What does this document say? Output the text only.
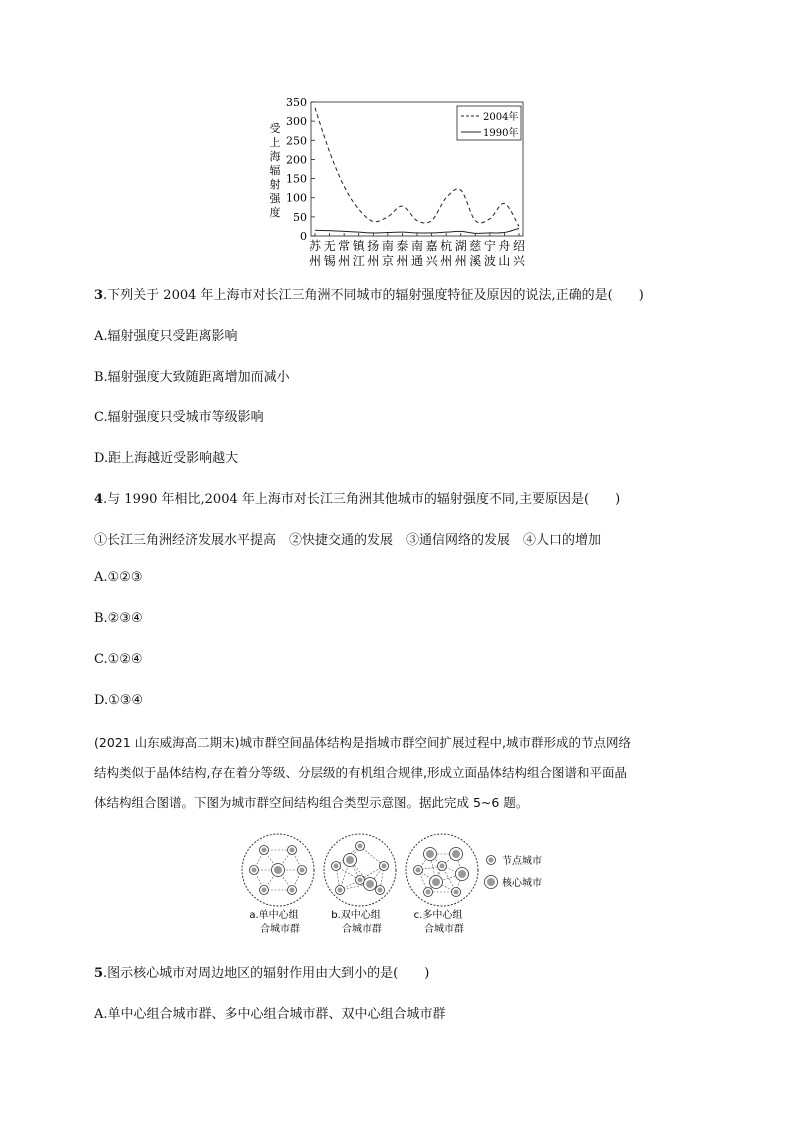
350
300
250
200
150
100
50
0
受
上
海
辐
射
强
度
苏
州
无
锡
常
州
镇
江
扬
州
南
京
泰
州
南
通
嘉
兴
杭
州
湖
州
慈
溪
宁
波
舟
山
绍
兴
2004年
1990年
3.下列关于 2004 年上海市对长江三角洲不同城市的辐射强度特征及原因的说法,正确的是(　　)
A.辐射强度只受距离影响
B.辐射强度大致随距离增加而减小
C.辐射强度只受城市等级影响
D.距上海越近受影响越大
4.与 1990 年相比,2004 年上海市对长江三角洲其他城市的辐射强度不同,主要原因是(　　)
①长江三角洲经济发展水平提高　②快捷交通的发展　③通信网络的发展　④人口的增加
A.①②③
B.②③④
C.①②④
D.①③④
(2021 山东威海高二期末)城市群空间晶体结构是指城市群空间扩展过程中,城市群形成的节点网络
结构类似于晶体结构,存在着分等级、分层级的有机组合规律,形成立面晶体结构组合图谱和平面晶
体结构组合图谱。下图为城市群空间结构组合类型示意图。据此完成 5~6 题。
a.单中心组
合城市群
b.双中心组
合城市群
c.多中心组
合城市群
节点城市
核心城市
5.图示核心城市对周边地区的辐射作用由大到小的是(　　)
A.单中心组合城市群、多中心组合城市群、双中心组合城市群
